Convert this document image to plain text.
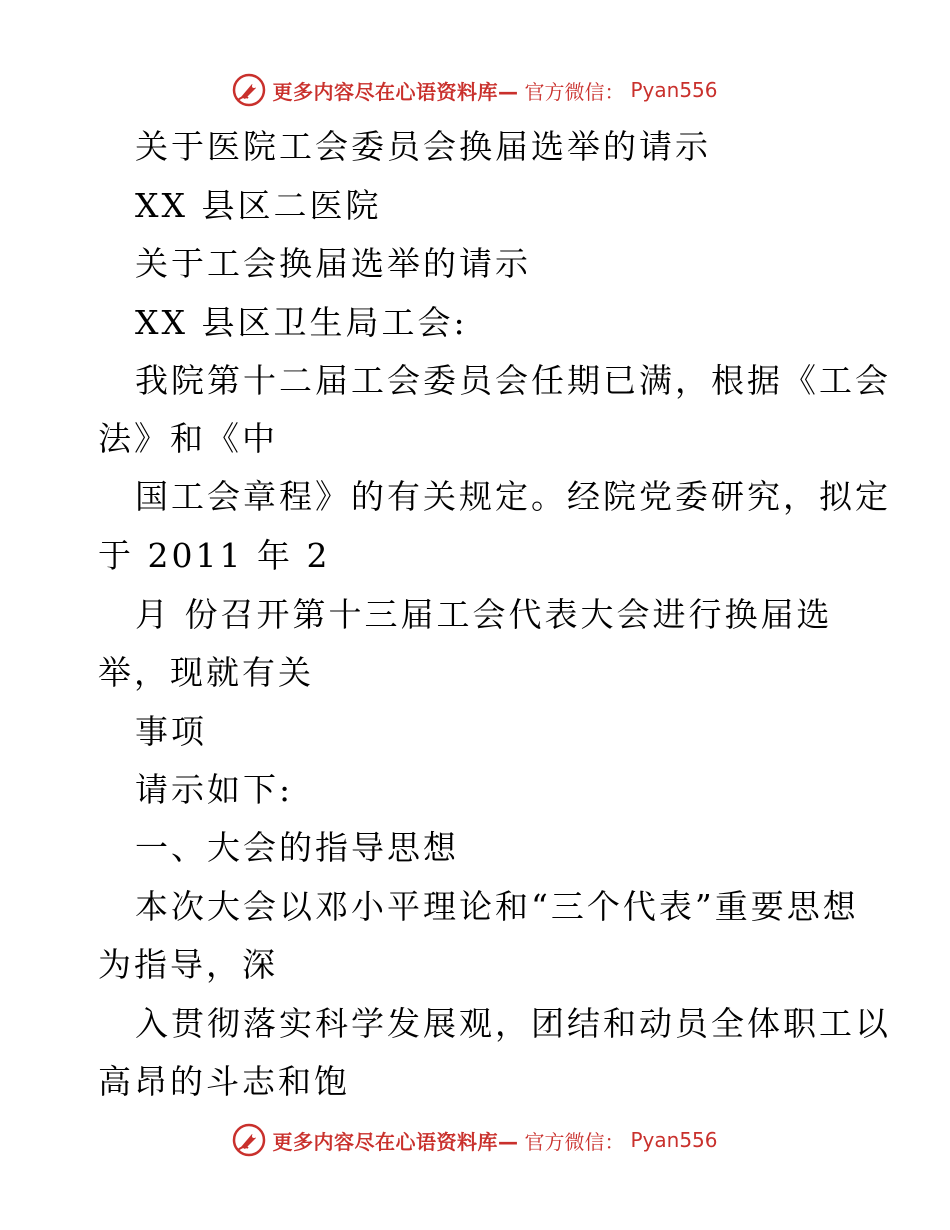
更多内容尽在心语资料库— 官方微信： Pyan556
关于医院工会委员会换届选举的请示
XX 县区二医院
关于工会换届选举的请示
XX 县区卫生局工会:
我院第十二届工会委员会任期已满，根据《工会
法》和《中
国工会章程》的有关规定。经院党委研究，拟定
于 2011 年 2
月 份召开第十三届工会代表大会进行换届选
举，现就有关
事项
请示如下:
一、大会的指导思想
本次大会以邓小平理论和“三个代表”重要思想
为指导，深
入贯彻落实科学发展观，团结和动员全体职工以
高昂的斗志和饱
更多内容尽在心语资料库— 官方微信： Pyan556
